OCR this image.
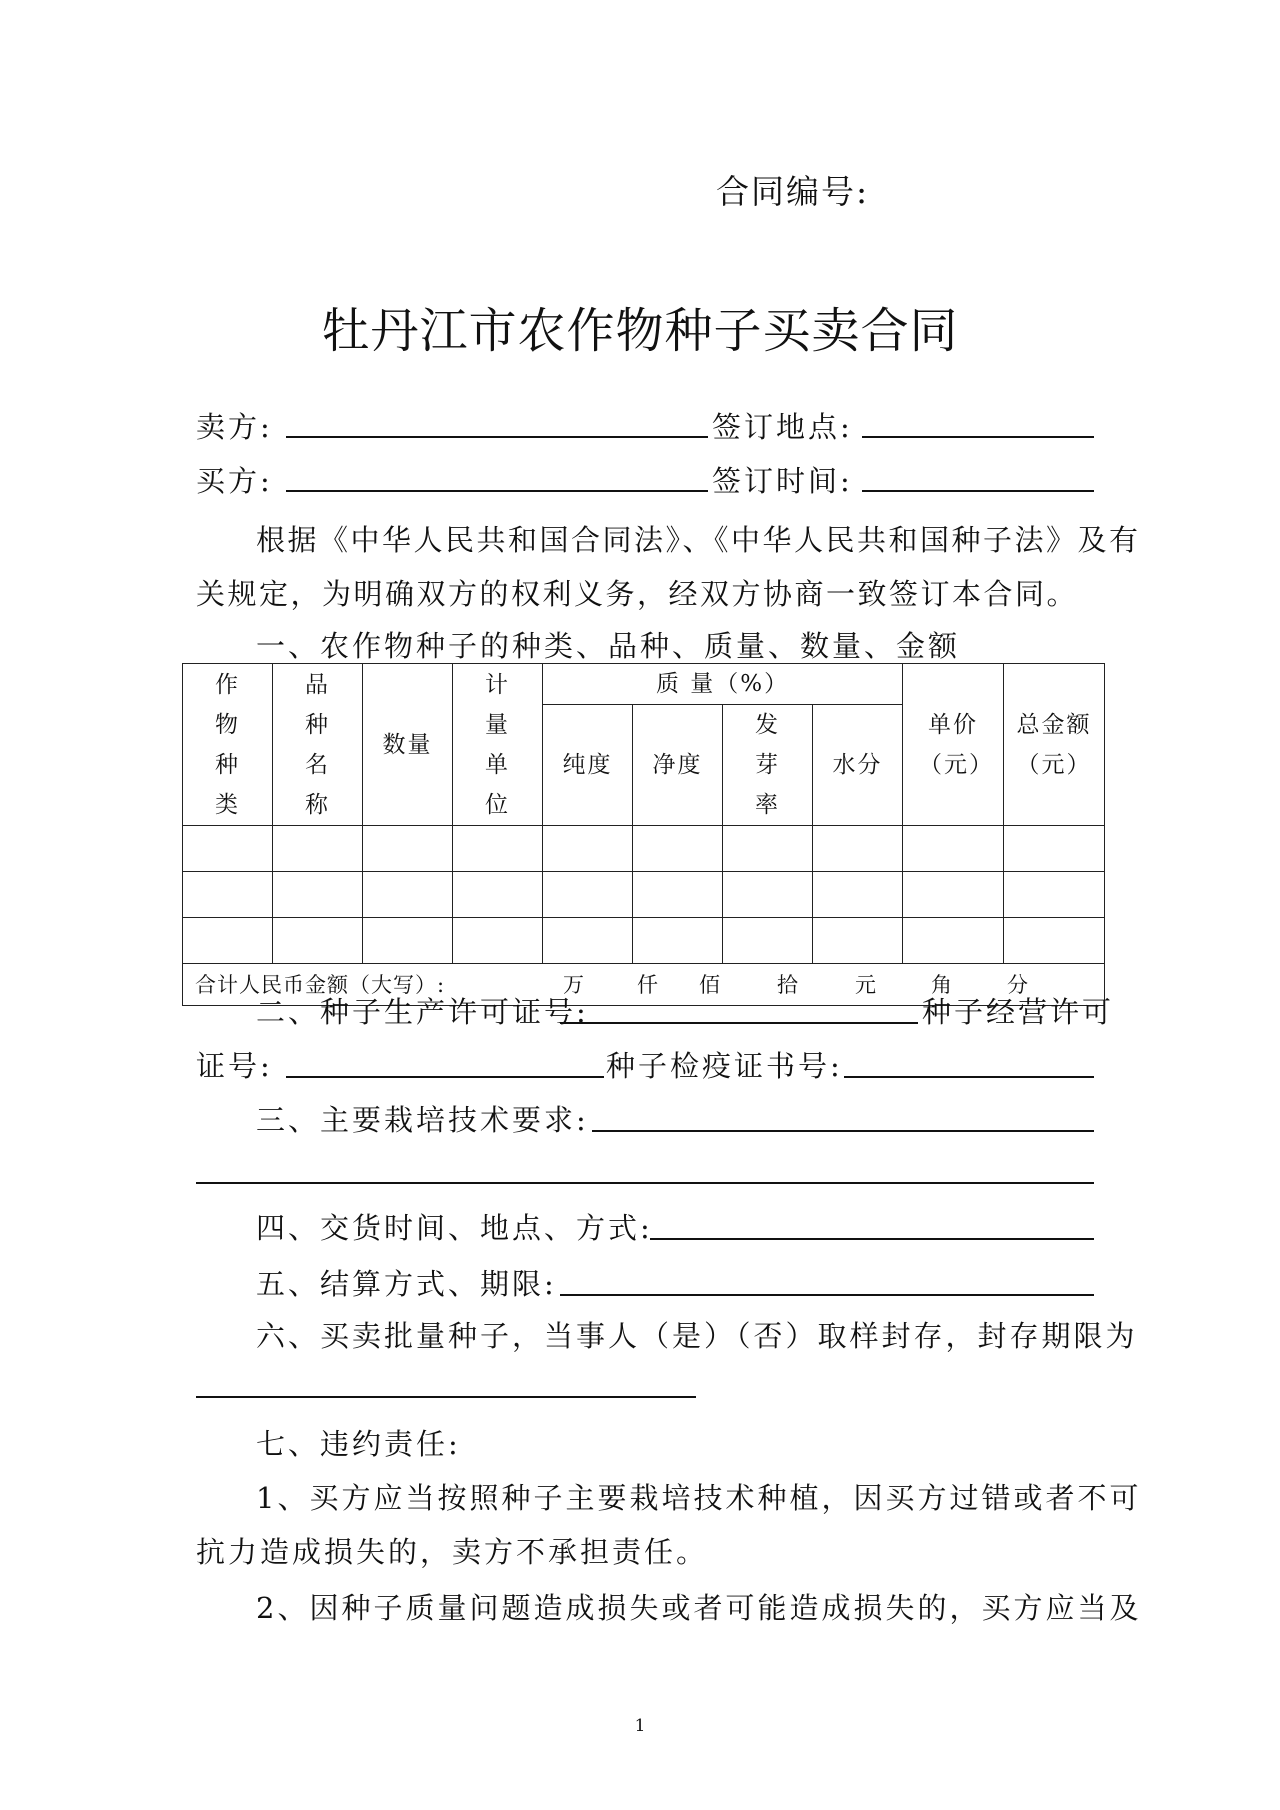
合同编号:
牡丹江市农作物种子买卖合同
卖方:	签订地点:
买方:	签订时间:
根据《中华人民共和国合同法》、《中华人民共和国种子法》及有
关规定，为明确双方的权利义务，经双方协商一致签订本合同。
一、农作物种子的种类、品种、质量、数量、金额
作物种类	品种名称	数量	计量单位	质 量（%）				单价（元）	总金额（元）
				纯度	净度	发芽率	水分		

合计人民币金额（大写）: 万 仟 佰 拾 元 角 分									
二、种子生产许可证号:	种子经营许可
证号:	种子检疫证书号:
三、主要栽培技术要求:
四、交货时间、地点、方式:
五、结算方式、期限:
六、买卖批量种子，当事人（是）（否）取样封存，封存期限为
七、违约责任:
1、买方应当按照种子主要栽培技术种植，因买方过错或者不可
抗力造成损失的，卖方不承担责任。
2、因种子质量问题造成损失或者可能造成损失的，买方应当及
1
